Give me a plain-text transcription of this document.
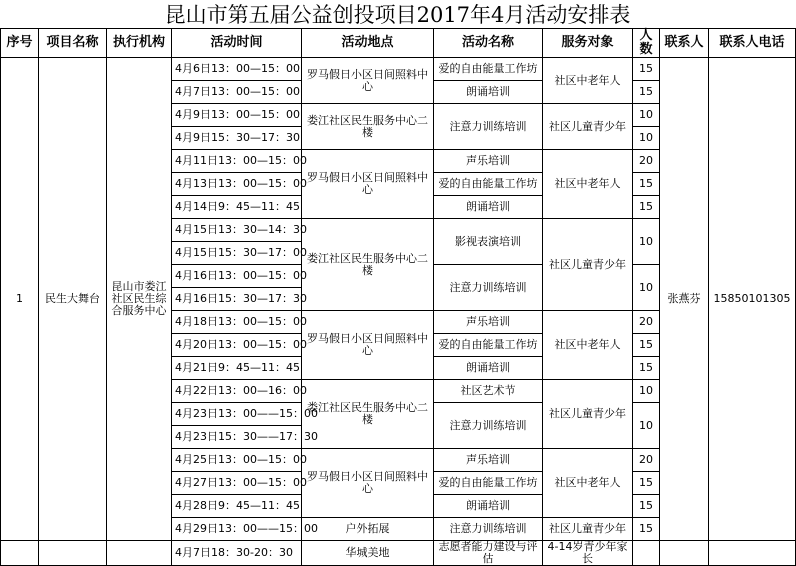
昆山市第五届公益创投项目2017年4月活动安排表
序号	项目名称	执行机构	活动时间	活动地点	活动名称	服务对象	人数	联系人	联系人电话
1	民生大舞台	昆山市娄江社区民生综合服务中心	4月6日13：00—15：00	罗马假日小区日间照料中心	爱的自由能量工作坊	社区中老年人	15	张燕芬	15850101305
			4月7日13：00—15：00		朗诵培训		15		
			4月9日13：00—15：00	娄江社区民生服务中心二楼	注意力训练培训	社区儿童青少年	10		
			4月9日15：30—17：30				10		
			4月11日13：00—15：00	罗马假日小区日间照料中心	声乐培训	社区中老年人	20		
			4月13日13：00—15：00		爱的自由能量工作坊		15		
			4月14日9：45—11：45		朗诵培训		15		
			4月15日13：30—14：30	娄江社区民生服务中心二楼	影视表演培训	社区儿童青少年	10		
			4月15日15：30—17：00						
			4月16日13：00—15：00		注意力训练培训		10		
			4月16日15：30—17：30						
			4月18日13：00—15：00	罗马假日小区日间照料中心	声乐培训	社区中老年人	20		
			4月20日13：00—15：00		爱的自由能量工作坊		15		
			4月21日9：45—11：45		朗诵培训		15		
			4月22日13：00—16：00	娄江社区民生服务中心二楼	社区艺术节	社区儿童青少年	10		
			4月23日13：00——15：00		注意力训练培训		10		
			4月23日15：30——17：30						
			4月25日13：00—15：00	罗马假日小区日间照料中心	声乐培训	社区中老年人	20		
			4月27日13：00—15：00		爱的自由能量工作坊		15		
			4月28日9：45—11：45		朗诵培训		15		
			4月29日13：00——15：00	户外拓展	注意力训练培训	社区儿童青少年	15		
			4月7日18：30-20：30	华城美地	志愿者能力建设与评估	4-14岁青少年家长			
